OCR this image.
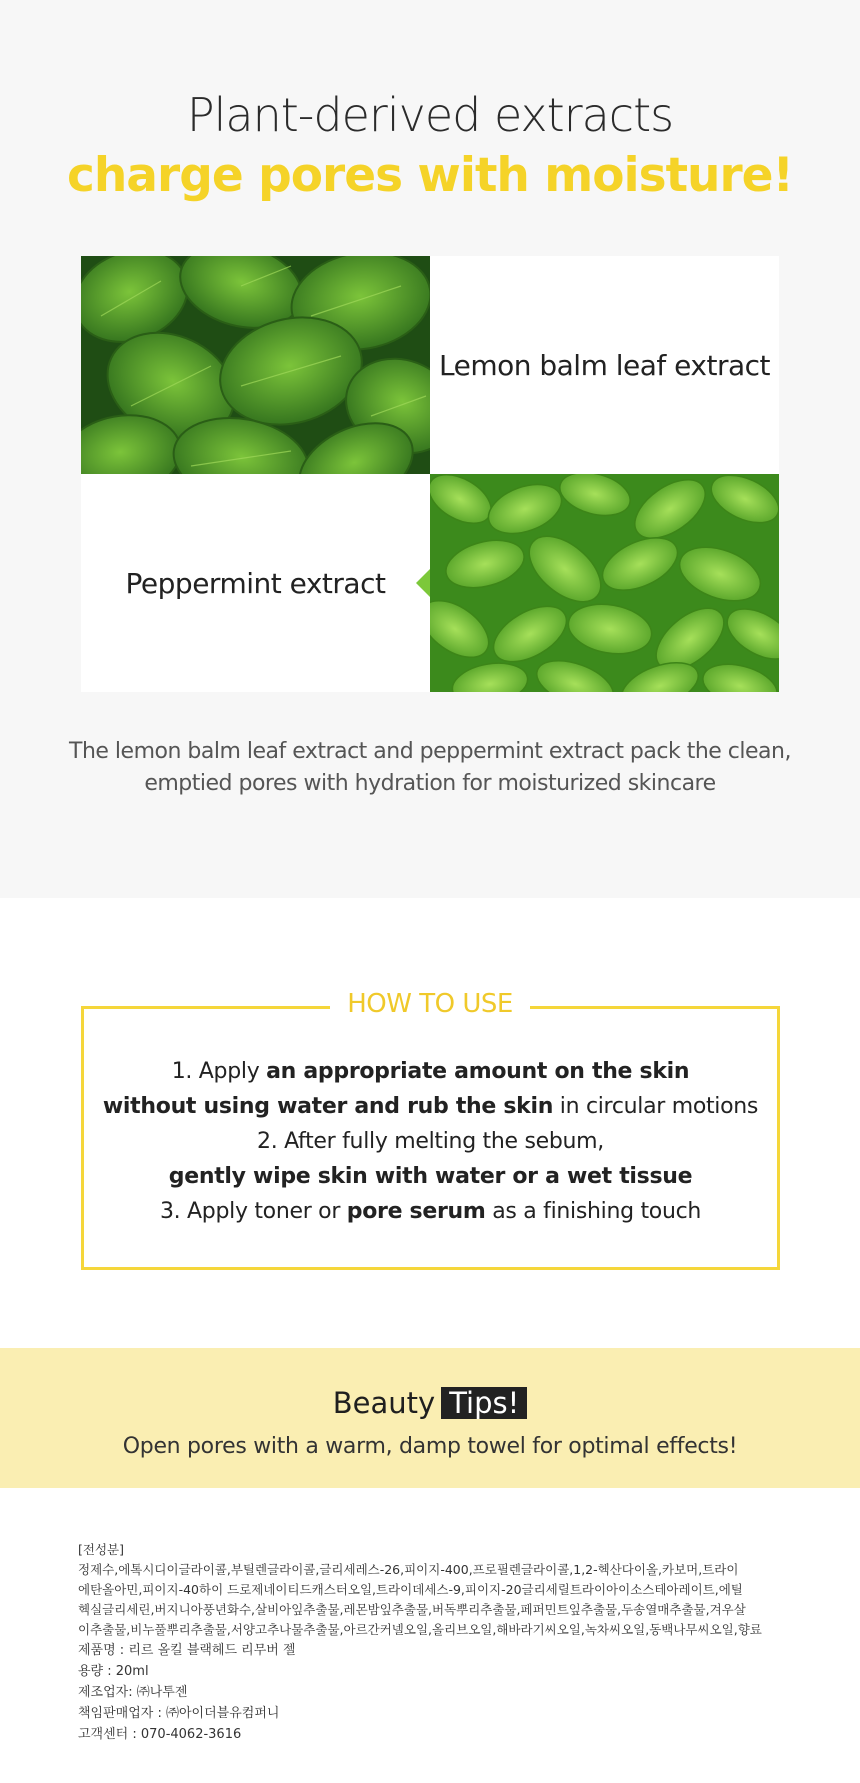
Plant-derived extracts
charge pores with moisture!
Lemon balm leaf extract
Peppermint extract

The lemon balm leaf extract and peppermint extract pack the clean,
emptied pores with hydration for moisturized skincare

HOW TO USE
1. Apply an appropriate amount on the skin
without using water and rub the skin in circular motions
2. After fully melting the sebum,
gently wipe skin with water or a wet tissue
3. Apply toner or pore serum as a finishing touch
Beauty Tips!
Open pores with a warm, damp towel for optimal effects!
[전성분]
정제수,에톡시디이글라이콜,부틸렌글라이콜,글리세레스-26,피이지-400,프로필렌글라이콜,1,2-헥산다이올,카보머,트라이
에탄올아민,피이지-40하이 드로제네이티드캐스터오일,트라이데세스-9,피이지-20글리세릴트라이아이소스테아레이트,에틸
헥실글리세린,버지니아풍년화수,살비아잎추출물,레몬밤잎추출물,버독뿌리추출물,페퍼민트잎추출물,두송열매추출물,겨우살
이추출물,비누풀뿌리추출물,서양고추나물추출물,아르간커넬오일,올리브오일,해바라기씨오일,녹차씨오일,동백나무씨오일,향료
제품명 : 리르 올킬 블랙헤드 리무버 젤
용량 : 20ml
제조업자: ㈜나투젠
책임판매업자 : ㈜아이더블유컴퍼니
고객센터 : 070-4062-3616
